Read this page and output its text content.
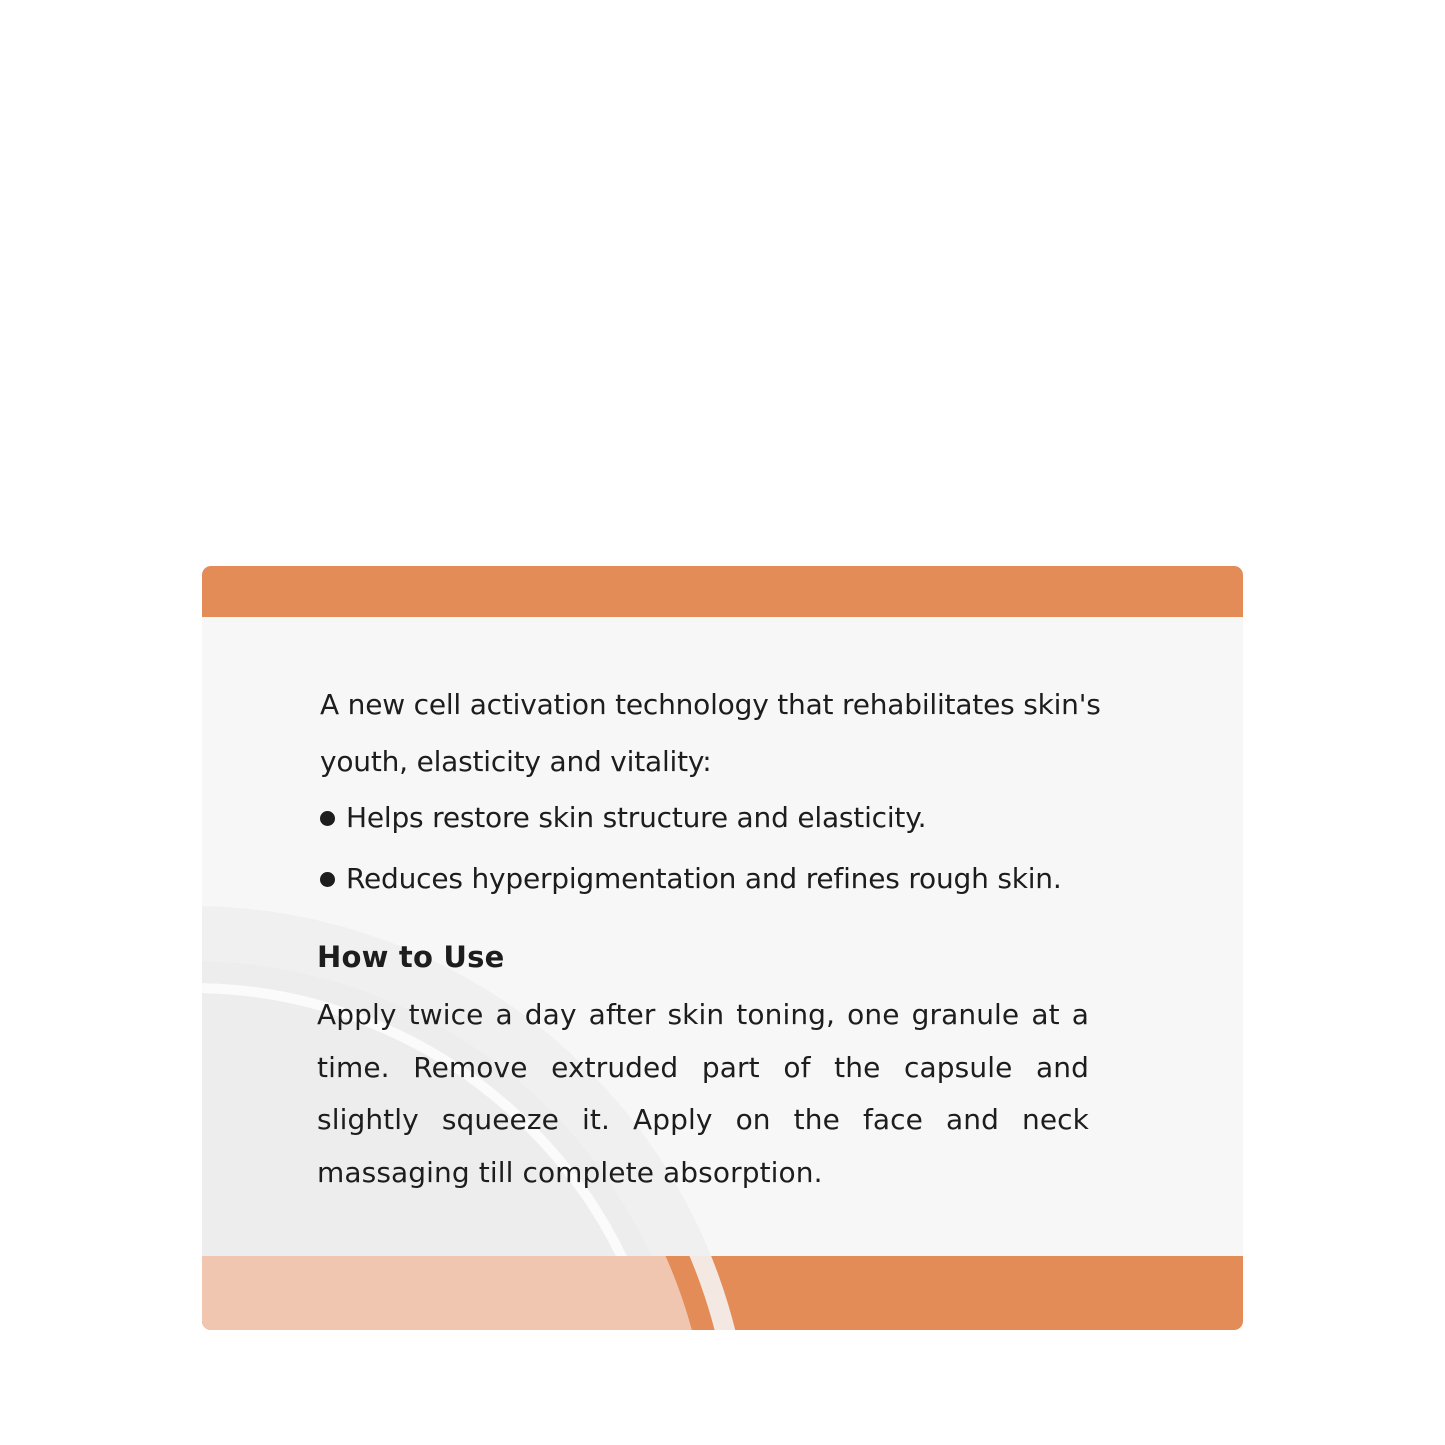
A new cell activation technology that rehabilitates skin's youth, elasticity and vitality:

Helps restore skin structure and elasticity.
Reduces hyperpigmentation and refines rough skin.
How to Use

Apply twice a day after skin toning, one granule at a time. Remove extruded part of the capsule and slightly squeeze it. Apply on the face and neck massaging till complete absorption.
